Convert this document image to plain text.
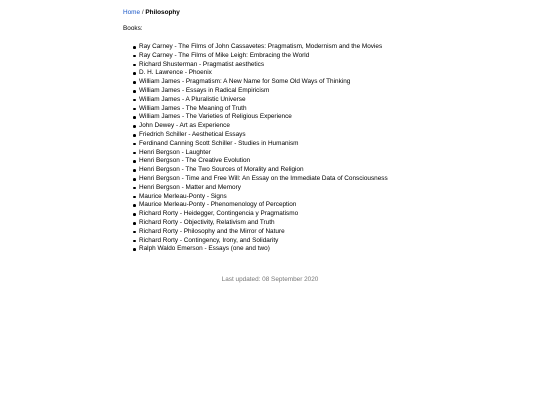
Home / Philosophy
Books:
Ray Carney - The Films of John Cassavetes: Pragmatism, Modernism and the Movies
Ray Carney - The Films of Mike Leigh: Embracing the World
Richard Shusterman - Pragmatist aesthetics
D. H. Lawrence - Phoenix
William James - Pragmatism: A New Name for Some Old Ways of Thinking
William James - Essays in Radical Empiricism
William James - A Pluralistic Universe
William James - The Meaning of Truth
William James - The Varieties of Religious Experience
John Dewey - Art as Experience
Friedrich Schiller - Aesthetical Essays
Ferdinand Canning Scott Schiller - Studies in Humanism
Henri Bergson - Laughter
Henri Bergson - The Creative Evolution
Henri Bergson - The Two Sources of Morality and Religion
Henri Bergson - Time and Free Will: An Essay on the Immediate Data of Consciousness
Henri Bergson - Matter and Memory
Maurice Merleau-Ponty - Signs
Maurice Merleau-Ponty - Phenomenology of Perception
Richard Rorty - Heidegger, Contingencia y Pragmatismo
Richard Rorty - Objectivity, Relativism and Truth
Richard Rorty - Philosophy and the Mirror of Nature
Richard Rorty - Contingency, Irony, and Solidarity
Ralph Waldo Emerson - Essays (one and two)
Last updated: 08 September 2020
